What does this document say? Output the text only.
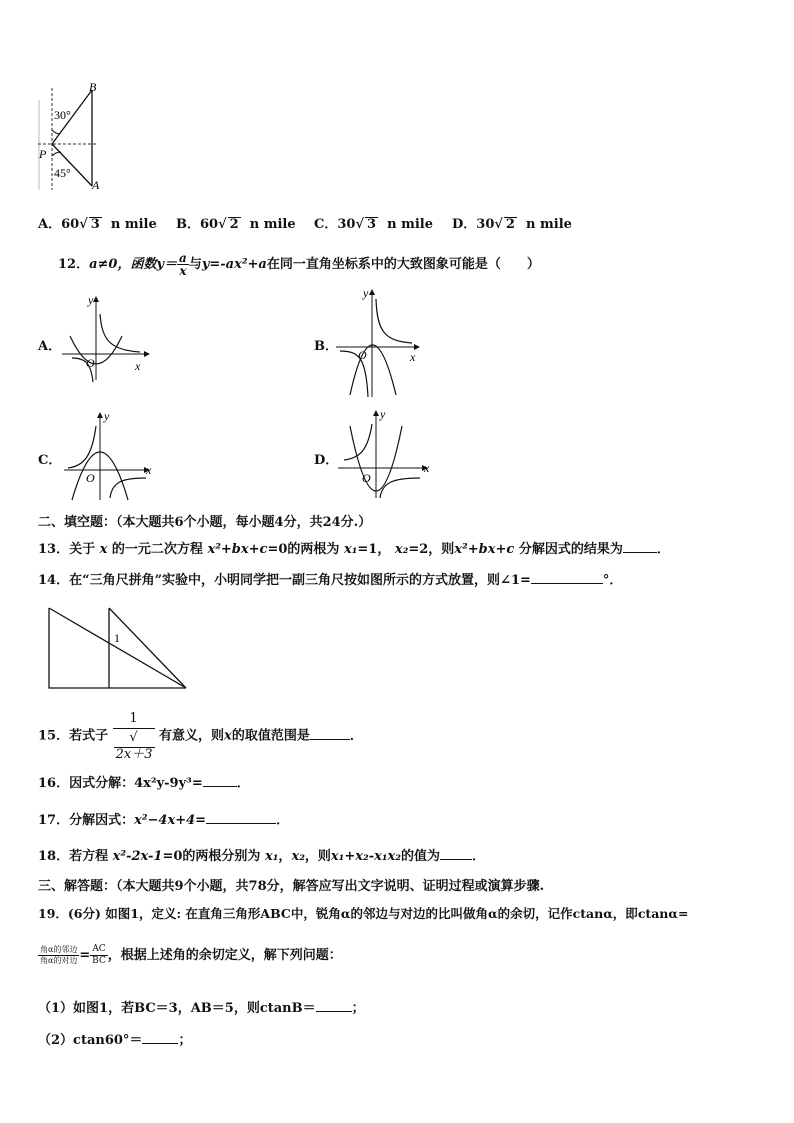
B
P
A
30°
45°
A．60√ 3 n mile B．60√ 2 n mile C．30√ 3 n mile D．30√ 2 n mile
12．a≠0，函数$y= \frac{a}{x}$ 与y=-ax²+a在同一直角坐标系中的大致图象可能是（　　）
A．
y
x
O
B．
y
x
O
C．
y
x
O
D．
y
x
O
二、填空题：（本大题共6个小题，每小题4分，共24分.）
13．关于 x 的一元二次方程 x²+bx+c=0的两根为 x₁=1， x₂=2，则x²+bx+c 分解因式的结果为	．
14．在“三角尺拼角”实验中，小明同学把一副三角尺按如图所示的方式放置，则∠1=	°．
1
15．若式子 1
√
2x＋3 有意义，则x的取值范围是	．
16．因式分解：4x²y-9y³=	．
17．分解因式：x²−4x+4=	．
18．若方程 x²-2x-1=0的两根分别为 x₁，x₂，则x₁+x₂-x₁x₂的值为 ．
三、解答题：（本大题共9个小题，共78分，解答应写出文字说明、证明过程或演算步骤.
19．(6分) 如图1，定义: 在直角三角形ABC中，锐角α的邻边与对边的比叫做角α的余切，记作ctanα，即ctanα=
$\frac{\text{角α的邻边}}{\text{角α的对边}} = \frac{AC}{BC}$ ，根据上述角的余切定义，解下列问题：
（1）如图1，若BC＝3，AB＝5，则ctanB＝	；
（2）ctan60°＝	；
